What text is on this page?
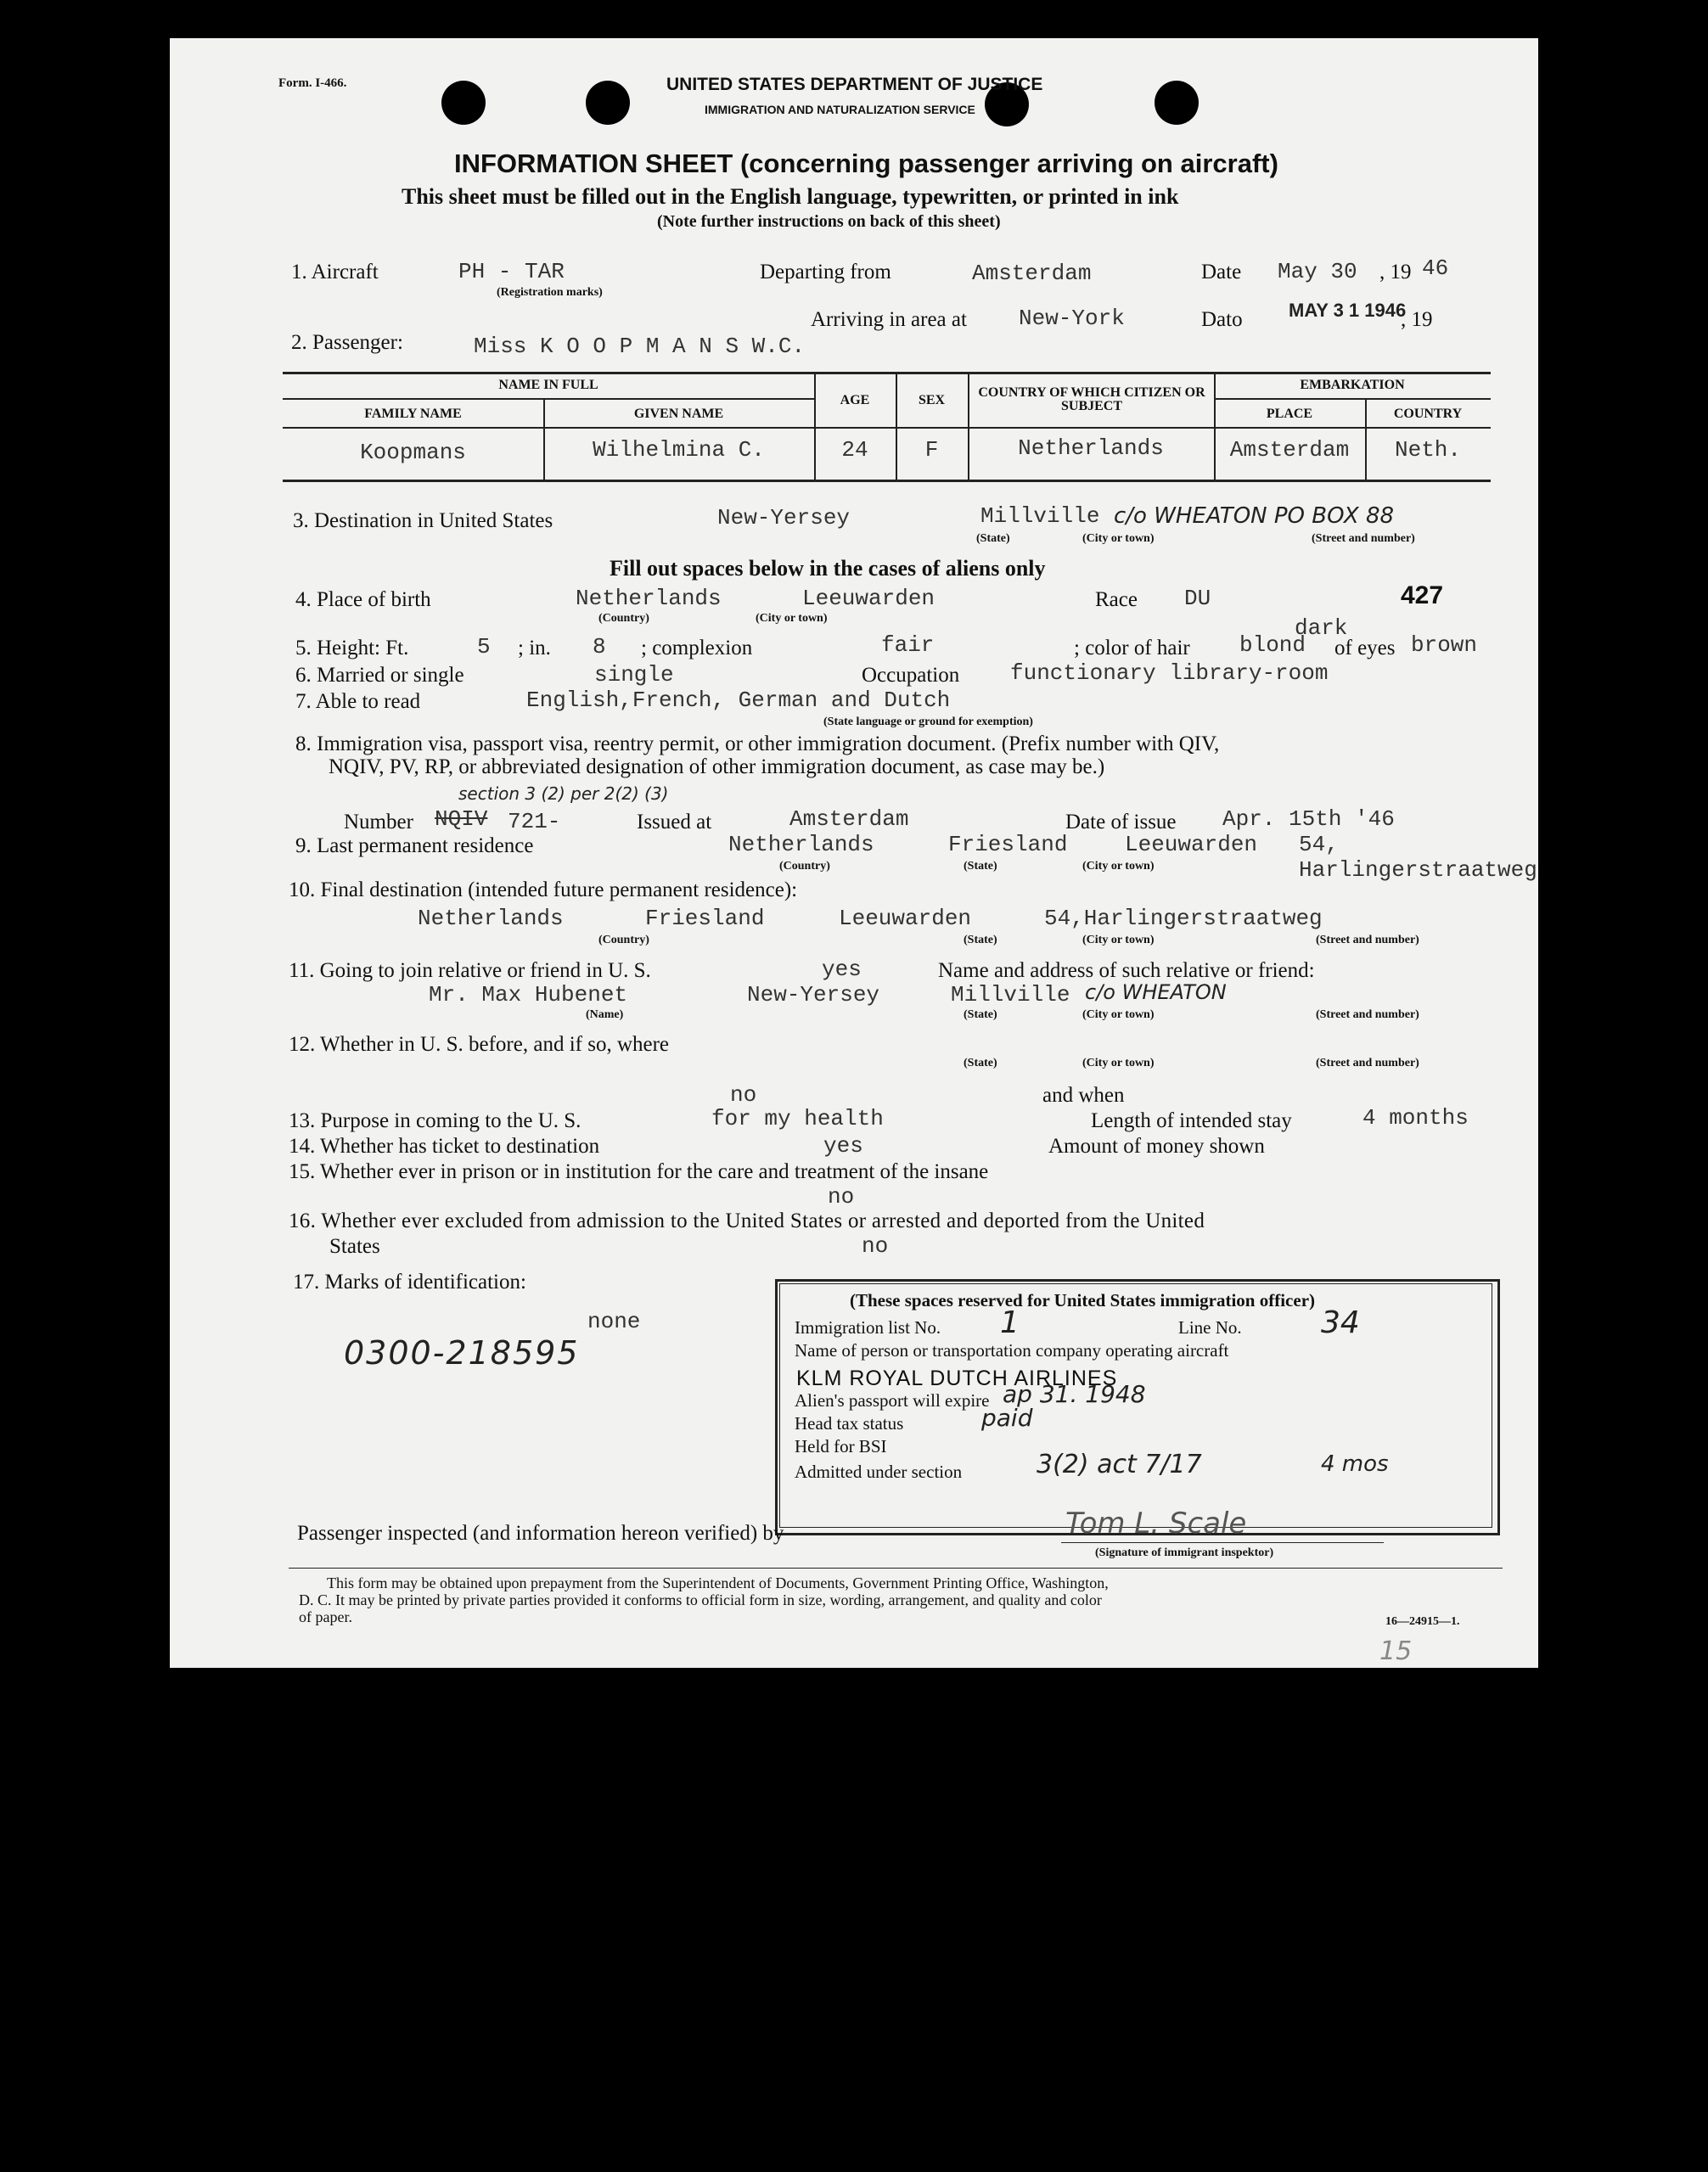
Form. I-466.	UNITED STATES DEPARTMENT OF JUSTICE
IMMIGRATION AND NATURALIZATION SERVICE
INFORMATION SHEET (concerning passenger arriving on aircraft)
This sheet must be filled out in the English language, typewritten, or printed in ink
(Note further instructions on back of this sheet)
1. Aircraft	PH - TAR
(Registration marks)
Departing from	Amsterdam	Date May 30 , 19 46
Arriving in area at New-York	Dato MAY 3 1 1946
, 19
2. Passenger:	Miss K O O P M A N S W.C.
NAME IN FULL
FAMILY NAME	GIVEN NAME
AGE	SEX
COUNTRY OF WHICH CITIZEN OR SUBJECT
EMBARKATION
PLACE	COUNTRY
Koopmans	Wilhelmina C.	24	F	Netherlands	Amsterdam	Neth.
3. Destination in United States	New-Yersey	Millville c/o WHEATON PO BOX 88
(State)	(City or town)	(Street and number)
Fill out spaces below in the cases of aliens only
4. Place of birth	Netherlands	Leeuwarden
(Country)	(City or town)
Race DU	427
5. Height: Ft.	5 ; in. 8 ; complexion	fair	; color of hair
dark
blond of eyes brown
6. Married or single	single	Occupation functionary library-room
7. Able to read	English,French, German and Dutch
(State language or ground for exemption)
8. Immigration visa, passport visa, reentry permit, or other immigration document. (Prefix number with QIV,
NQIV, PV, RP, or abbreviated designation of other immigration document, as case may be.)
section 3 (2) per 2(2) (3)
Number NQIV 721-	Issued at	Amsterdam	Date of issue Apr. 15th '46
9. Last permanent residence	Netherlands	Friesland	Leeuwarden 54, Harlingerstraatweg
(Country)	(State)	(City or town)
10. Final destination (intended future permanent residence):
Netherlands	Friesland	Leeuwarden	54,Harlingerstraatweg
(Country)	(State)	(City or town)	(Street and number)
11. Going to join relative or friend in U. S.	yes	Name and address of such relative or friend:
Mr. Max Hubenet	New-Yersey	Millville c/o WHEATON
(Name)	(State)	(City or town)	(Street and number)
12. Whether in U. S. before, and if so, where
(State)	(City or town)	(Street and number)
no	and when
13. Purpose in coming to the U. S.	for my health	Length of intended stay	4 months
14. Whether has ticket to destination	yes	Amount of money shown
15. Whether ever in prison or in institution for the care and treatment of the insane
no
16. Whether ever excluded from admission to the United States or arrested and deported from the United
States	no
17. Marks of identification:
none
0300-218595
(These spaces reserved for United States immigration officer)
Immigration list No. 1	Line No.	34
Name of person or transportation company operating aircraft
KLM ROYAL DUTCH AIRLINES
Alien's passport will expire ap 31. 1948
Head tax status	paid
Held for BSI
Admitted under section	3(2) act 7/17	4 mos
Passenger inspected (and information hereon verified) by	Tom L. Scale
(Signature of immigrant inspektor)
This form may be obtained upon prepayment from the Superintendent of Documents, Government Printing Office, Washington,
D. C. It may be printed by private parties provided it conforms to official form in size, wording, arrangement, and quality and color
of paper.	16—24915—1.
15
